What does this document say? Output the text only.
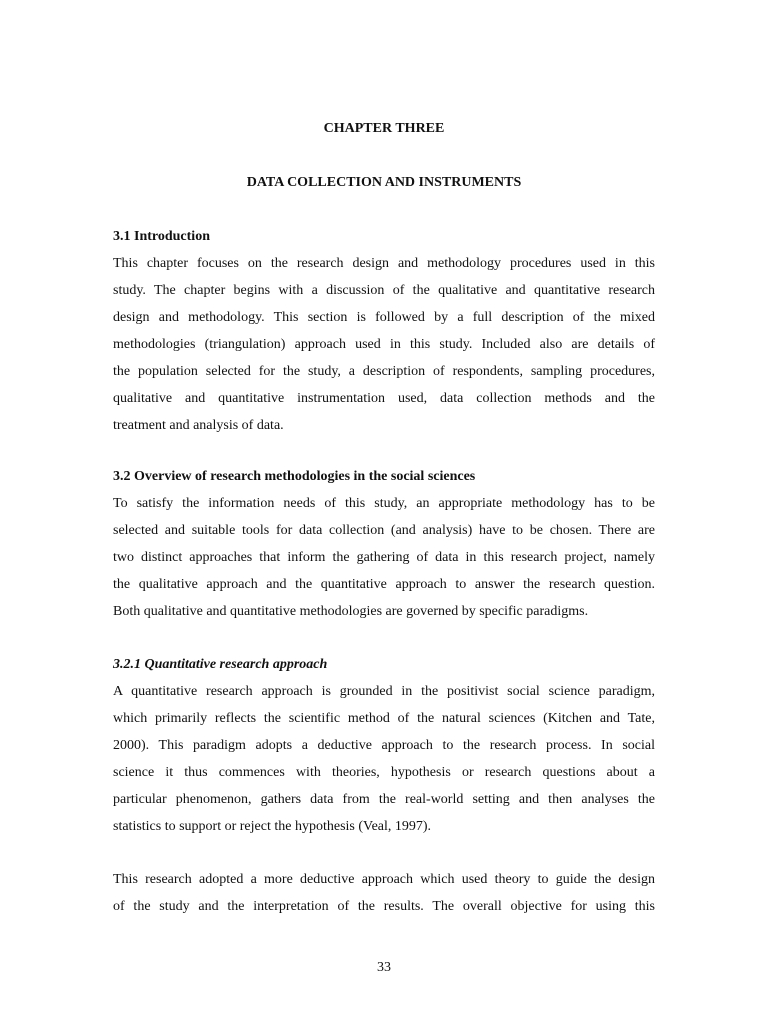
CHAPTER THREE
DATA COLLECTION AND INSTRUMENTS
3.1 Introduction
This chapter focuses on the research design and methodology procedures used in this
study. The chapter begins with a discussion of the qualitative and quantitative research
design and methodology. This section is followed by a full description of the mixed
methodologies (triangulation) approach used in this study. Included also are details of
the population selected for the study, a description of respondents, sampling procedures,
qualitative and quantitative instrumentation used, data collection methods and the
treatment and analysis of data.
3.2 Overview of research methodologies in the social sciences
To satisfy the information needs of this study, an appropriate methodology has to be
selected and suitable tools for data collection (and analysis) have to be chosen. There are
two distinct approaches that inform the gathering of data in this research project, namely
the qualitative approach and the quantitative approach to answer the research question.
Both qualitative and quantitative methodologies are governed by specific paradigms.
3.2.1 Quantitative research approach
A quantitative research approach is grounded in the positivist social science paradigm,
which primarily reflects the scientific method of the natural sciences (Kitchen and Tate,
2000). This paradigm adopts a deductive approach to the research process. In social
science it thus commences with theories, hypothesis or research questions about a
particular phenomenon, gathers data from the real-world setting and then analyses the
statistics to support or reject the hypothesis (Veal, 1997).
This research adopted a more deductive approach which used theory to guide the design
of the study and the interpretation of the results. The overall objective for using this
33
